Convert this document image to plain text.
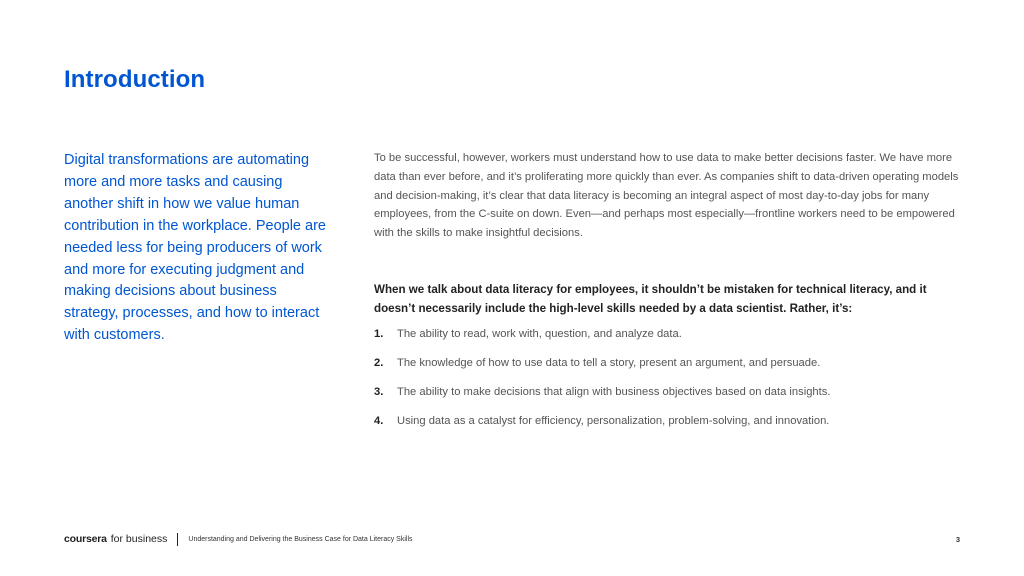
Introduction

Digital transformations are automating more and more tasks and causing another shift in how we value human contribution in the workplace. People are needed less for being producers of work and more for executing judgment and making decisions about business strategy, processes, and how to interact with customers.

To be successful, however, workers must understand how to use data to make better decisions faster. We have more data than ever before, and it’s proliferating more quickly than ever. As companies shift to data-driven operating models and decision-making, it’s clear that data literacy is becoming an integral aspect of most day-to-day jobs for many employees, from the C-suite on down. Even—and perhaps most especially—frontline workers need to be empowered with the skills to make insightful decisions.

When we talk about data literacy for employees, it shouldn’t be mistaken for technical literacy, and it doesn’t necessarily include the high-level skills needed by a data scientist. Rather, it’s:

1.	The ability to read, work with, question, and analyze data.
2.	The knowledge of how to use data to tell a story, present an argument, and persuade.
3.	The ability to make decisions that align with business objectives based on data insights.
4.	Using data as a catalyst for efficiency, personalization, problem-solving, and innovation.
coursera for business	Understanding and Delivering the Business Case for Data Literacy Skills	3
